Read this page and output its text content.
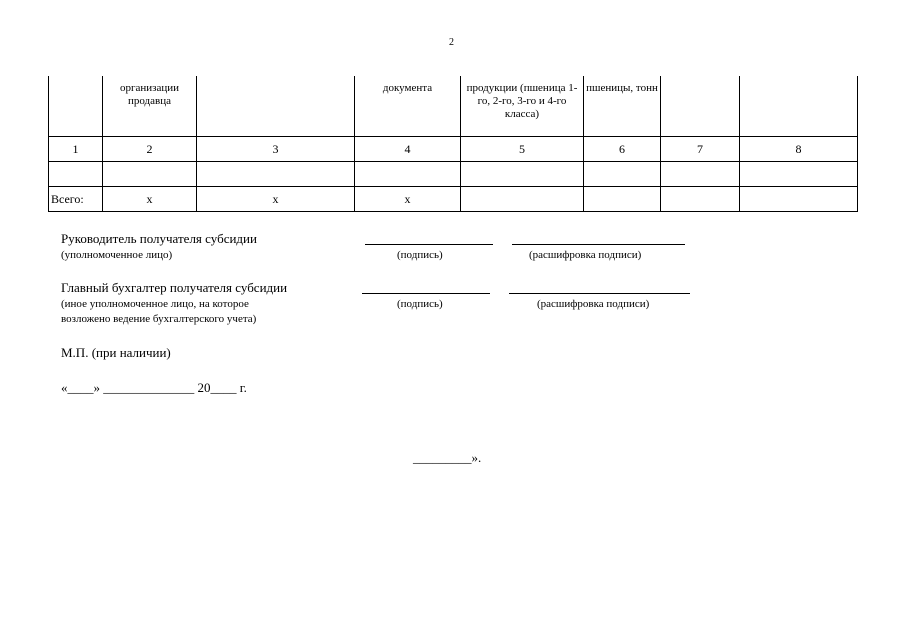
2
	организации продавца		документа	продукции (пшеница 1-го, 2-го, 3-го и 4-го класса)	пшеницы, тонн		
1	2	3	4	5	6	7	8

Всего:	х	х	х				
Руководитель получателя субсидии
(уполномоченное лицо)	(подпись)	(расшифровка подписи)
Главный бухгалтер получателя субсидии
(иное уполномоченное лицо, на которое
возложено ведение бухгалтерского учета)
(подпись)	(расшифровка подписи)
М.П. (при наличии)
«____» ______________ 20____ г.
_________».
